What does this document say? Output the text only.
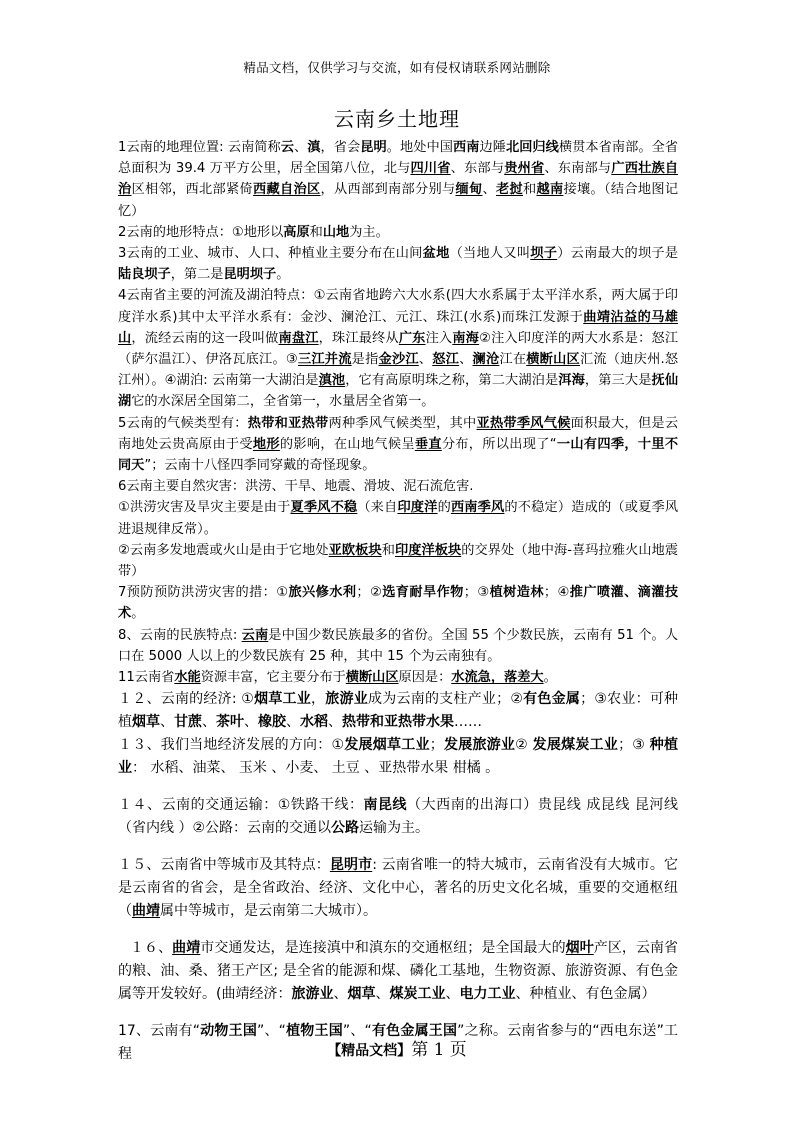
精品文档，仅供学习与交流，如有侵权请联系网站删除
云南乡土地理

1云南的地理位置: 云南简称云、滇，省会昆明。地处中国西南边陲北回归线横贯本省南部。全省总面积为 39.4 万平方公里，居全国第八位，北与四川省、东部与贵州省、东南部与广西壮族自治区相邻，西北部紧倚西藏自治区，从西部到南部分别与缅甸、老挝和越南接壤。（结合地图记忆）

2云南的地形特点：①地形以高原和山地为主。

3云南的工业、城市、人口、种植业主要分布在山间盆地（当地人又叫坝子）云南最大的坝子是陆良坝子，第二是昆明坝子。

4云南省主要的河流及湖泊特点：①云南省地跨六大水系(四大水系属于太平洋水系，两大属于印度洋水系)其中太平洋水系有：金沙、澜沧江、元江、珠江(水系)而珠江发源于曲靖沾益的马雄山，流经云南的这一段叫做南盘江，珠江最终从广东注入南海②注入印度洋的两大水系是：怒江（萨尔温江）、伊洛瓦底江。③三江并流是指金沙江、怒江、澜沧江在横断山区汇流（迪庆州.怒江州）。④湖泊: 云南第一大湖泊是滇池，它有高原明珠之称，第二大湖泊是洱海，第三大是抚仙湖它的水深居全国第二，全省第一，水量居全省第一。

5云南的气候类型有：热带和亚热带两种季风气候类型，其中亚热带季风气候面积最大，但是云南地处云贵高原由于受地形的影响，在山地气候呈垂直分布，所以出现了“一山有四季，十里不同天”；云南十八怪四季同穿戴的奇怪现象。

6云南主要自然灾害：洪涝、干旱、地震、滑坡、泥石流危害.

①洪涝灾害及旱灾主要是由于夏季风不稳（来自印度洋的西南季风的不稳定）造成的（或夏季风进退规律反常）。

②云南多发地震或火山是由于它地处亚欧板块和印度洋板块的交界处（地中海-喜玛拉雅火山地震带）

7预防预防洪涝灾害的措：①旅兴修水利；②选育耐旱作物；③植树造林；④推广喷灌、滴灌技术。

8、云南的民族特点: 云南是中国少数民族最多的省份。全国 55 个少数民族，云南有 51 个。人口在 5000 人以上的少数民族有 25 种，其中 15 个为云南独有。

11云南省水能资源丰富，它主要分布于横断山区原因是：水流急，落差大。

１２、云南的经济: ①烟草工业，旅游业成为云南的支柱产业；②有色金属；③农业：可种植烟草、甘蔗、茶叶、橡胶、水稻、热带和亚热带水果……

１３、我们当地经济发展的方向：①发展烟草工业；发展旅游业② 发展煤炭工业；③ 种植业： 水稻、油菜、 玉米 、小麦、 土豆 、亚热带水果 柑橘 。

１４、云南的交通运输：①铁路干线：南昆线（大西南的出海口）贵昆线 成昆线 昆河线（省内线 ）②公路：云南的交通以公路运输为主。

１５、云南省中等城市及其特点：昆明市: 云南省唯一的特大城市，云南省没有大城市。它是云南省的省会，是全省政治、经济、文化中心，著名的历史文化名城，重要的交通枢纽（曲靖属中等城市，是云南第二大城市）。

１６、曲靖市交通发达，是连接滇中和滇东的交通枢纽；是全国最大的烟叶产区，云南省的粮、油、桑、猪王产区; 是全省的能源和煤、磷化工基地，生物资源、旅游资源、有色金属等开发较好。(曲靖经济：旅游业、烟草、煤炭工业、电力工业、种植业、有色金属）

17、云南有“动物王国”、“植物王国”、“有色金属王国”之称。云南省参与的“西电东送”工程	【精品文档】第 1 页
